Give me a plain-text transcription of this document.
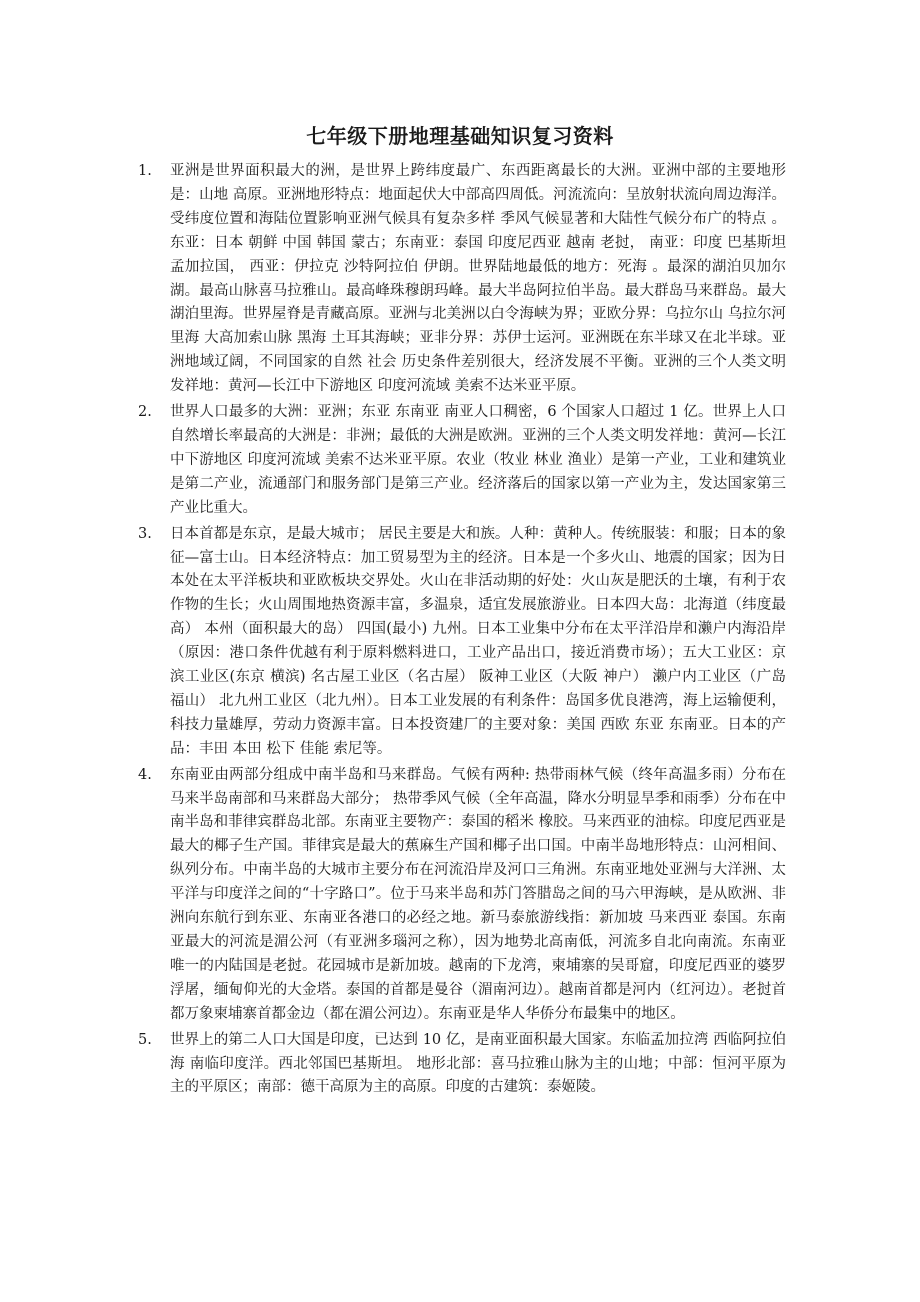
七年级下册地理基础知识复习资料
1.	亚洲是世界面积最大的洲，是世界上跨纬度最广、东西距离最长的大洲。亚洲中部的主要地形是：山地 高原。亚洲地形特点：地面起伏大中部高四周低。河流流向：呈放射状流向周边海洋。受纬度位置和海陆位置影响亚洲气候具有复杂多样 季风气候显著和大陆性气候分布广的特点 。东亚：日本 朝鲜 中国 韩国 蒙古；东南亚：泰国 印度尼西亚 越南 老挝， 南亚：印度 巴基斯坦 孟加拉国， 西亚：伊拉克 沙特阿拉伯 伊朗。世界陆地最低的地方：死海 。最深的湖泊贝加尔湖。最高山脉喜马拉雅山。最高峰珠穆朗玛峰。最大半岛阿拉伯半岛。最大群岛马来群岛。最大湖泊里海。世界屋脊是青藏高原。亚洲与北美洲以白令海峡为界；亚欧分界：乌拉尔山 乌拉尔河 里海 大高加索山脉 黑海 土耳其海峡；亚非分界：苏伊士运河。亚洲既在东半球又在北半球。亚洲地域辽阔，不同国家的自然 社会 历史条件差别很大，经济发展不平衡。亚洲的三个人类文明发祥地：黄河—长江中下游地区 印度河流域 美索不达米亚平原。
2.	世界人口最多的大洲：亚洲；东亚 东南亚 南亚人口稠密，6 个国家人口超过 1 亿。世界上人口自然增长率最高的大洲是：非洲；最低的大洲是欧洲。亚洲的三个人类文明发祥地：黄河—长江中下游地区 印度河流域 美索不达米亚平原。农业（牧业 林业 渔业）是第一产业，工业和建筑业是第二产业，流通部门和服务部门是第三产业。经济落后的国家以第一产业为主，发达国家第三产业比重大。
3.	日本首都是东京，是最大城市； 居民主要是大和族。人种：黄种人。传统服装：和服；日本的象征—富士山。日本经济特点：加工贸易型为主的经济。日本是一个多火山、地震的国家；因为日本处在太平洋板块和亚欧板块交界处。火山在非活动期的好处：火山灰是肥沃的土壤，有利于农作物的生长；火山周围地热资源丰富，多温泉，适宜发展旅游业。日本四大岛：北海道（纬度最高） 本州（面积最大的岛） 四国(最小) 九州。日本工业集中分布在太平洋沿岸和濑户内海沿岸（原因：港口条件优越有利于原料燃料进口，工业产品出口，接近消费市场）；五大工业区：京滨工业区(东京 横滨) 名古屋工业区（名古屋） 阪神工业区（大阪 神户） 濑户内工业区（广岛 福山） 北九州工业区（北九州）。日本工业发展的有利条件：岛国多优良港湾，海上运输便利，科技力量雄厚，劳动力资源丰富。日本投资建厂的主要对象：美国 西欧 东亚 东南亚。日本的产品：丰田 本田 松下 佳能 索尼等。
4.	东南亚由两部分组成中南半岛和马来群岛。气候有两种: 热带雨林气候（终年高温多雨）分布在马来半岛南部和马来群岛大部分； 热带季风气候（全年高温，降水分明显旱季和雨季）分布在中南半岛和菲律宾群岛北部。东南亚主要物产：泰国的稻米 橡胶。马来西亚的油棕。印度尼西亚是最大的椰子生产国。菲律宾是最大的蕉麻生产国和椰子出口国。中南半岛地形特点：山河相间、纵列分布。中南半岛的大城市主要分布在河流沿岸及河口三角洲。东南亚地处亚洲与大洋洲、太平洋与印度洋之间的“十字路口”。位于马来半岛和苏门答腊岛之间的马六甲海峡，是从欧洲、非洲向东航行到东亚、东南亚各港口的必经之地。新马泰旅游线指：新加坡 马来西亚 泰国。东南亚最大的河流是湄公河（有亚洲多瑙河之称），因为地势北高南低，河流多自北向南流。东南亚唯一的内陆国是老挝。花园城市是新加坡。越南的下龙湾，柬埔寨的吴哥窟，印度尼西亚的婆罗浮屠，缅甸仰光的大金塔。泰国的首都是曼谷（湄南河边）。越南首都是河内（红河边）。老挝首都万象柬埔寨首都金边（都在湄公河边）。东南亚是华人华侨分布最集中的地区。
5.	世界上的第二人口大国是印度，已达到 10 亿，是南亚面积最大国家。东临孟加拉湾 西临阿拉伯海 南临印度洋。西北邻国巴基斯坦。 地形北部：喜马拉雅山脉为主的山地；中部：恒河平原为主的平原区；南部：德干高原为主的高原。印度的古建筑：泰姬陵。
